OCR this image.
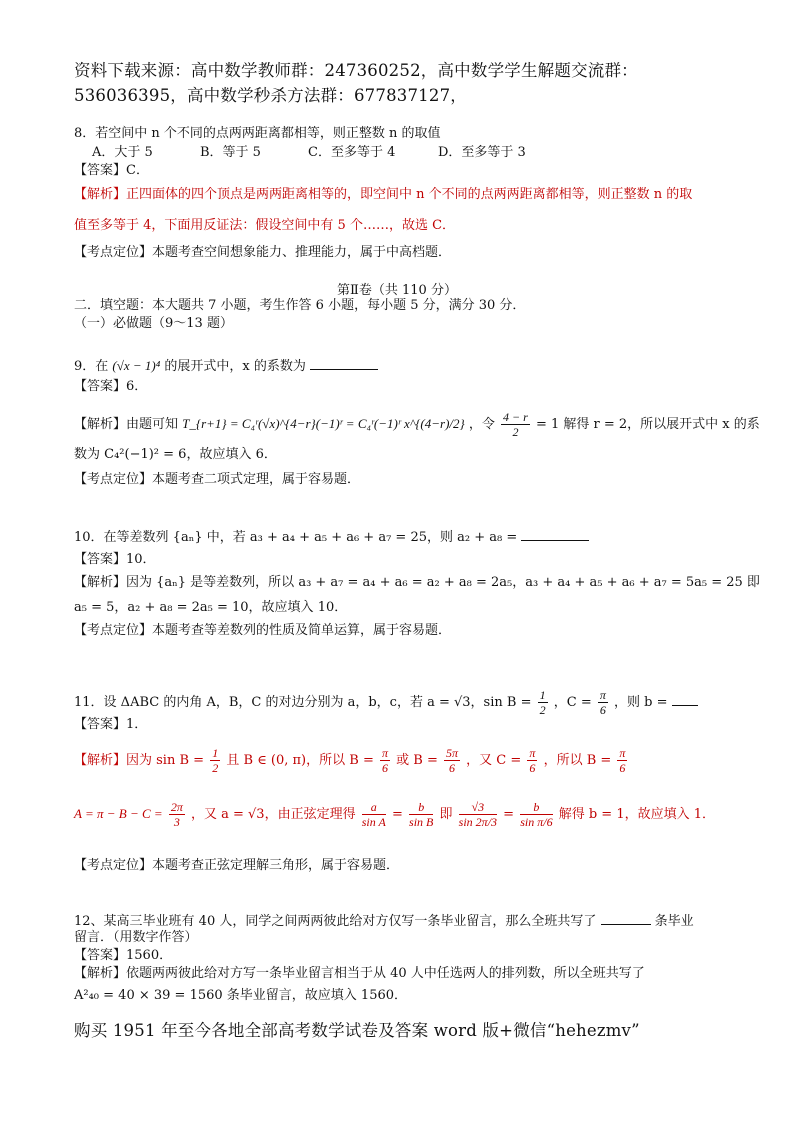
资料下载来源：高中数学教师群：247360252，高中数学学生解题交流群：
536036395，高中数学秒杀方法群：677837127，
8．若空间中 n 个不同的点两两距离都相等，则正整数 n 的取值
A．大于 5	B．等于 5	C．至多等于 4	D．至多等于 3
【答案】C．
【解析】正四面体的四个顶点是两两距离相等的，即空间中 n 个不同的点两两距离都相等，则正整数 n 的取
值至多等于 4，下面用反证法：假设空间中有 5 个……，故选 C．
【考点定位】本题考查空间想象能力、推理能力，属于中高档题．
第Ⅱ卷（共 110 分）
二．填空题：本大题共 7 小题，考生作答 6 小题，每小题 5 分，满分 30 分．
（一）必做题（9～13 题）
9．在 (√x − 1)⁴ 的展开式中，x 的系数为
【答案】6．
【解析】由题可知 T_{r+1} = C₄ʳ(√x)^{4−r}(−1)ʳ = C₄ʳ(−1)ʳ x^{(4−r)/2} ，令 $\frac{4 - r}{2} = 1$ 解得 r = 2，所以展开式中 x 的系
数为 C₄²(−1)² = 6，故应填入 6．
【考点定位】本题考查二项式定理，属于容易题．
10．在等差数列 {aₙ} 中，若 a₃ + a₄ + a₅ + a₆ + a₇ = 25，则 a₂ + a₈ =
【答案】10．
【解析】因为 {aₙ} 是等差数列，所以 a₃ + a₇ = a₄ + a₆ = a₂ + a₈ = 2a₅，a₃ + a₄ + a₅ + a₆ + a₇ = 5a₅ = 25 即
a₅ = 5，a₂ + a₈ = 2a₅ = 10，故应填入 10．
【考点定位】本题考查等差数列的性质及简单运算，属于容易题．
11．设 ΔABC 的内角 A，B，C 的对边分别为 a，b，c，若 a = √3，$\sin B = \frac{1}{2}$ ，$C = \frac{\pi}{6}$ ，则 b =
【答案】1．
【解析】因为 $\sin B = \frac{1}{2}$ 且 B ∈ (0, π)，所以 $B = \frac{\pi}{6}$ 或 $B = \frac{5\pi}{6}$ ，又 $C = \frac{\pi}{6}$ ，所以 $B = \frac{\pi}{6}$
$A = \pi - B - C = \frac{2\pi}{3}$ ，又 a = √3，由正弦定理得 $\frac{a}{\text{sin A}} = \frac{b}{\text{sin B}}$ 即 $\frac{√3}{\sin 2\pi/3} = \frac{b}{\text{sin π/6}}$ 解得 b = 1，故应填入 1．
【考点定位】本题考查正弦定理解三角形，属于容易题．
12、某高三毕业班有 40 人，同学之间两两彼此给对方仅写一条毕业留言，那么全班共写了	条毕业
留言．（用数字作答）
【答案】1560．
【解析】依题两两彼此给对方写一条毕业留言相当于从 40 人中任选两人的排列数，所以全班共写了
A²₄₀ = 40 × 39 = 1560 条毕业留言，故应填入 1560．
购买 1951 年至今各地全部高考数学试卷及答案 word 版+微信“hehezmv”
